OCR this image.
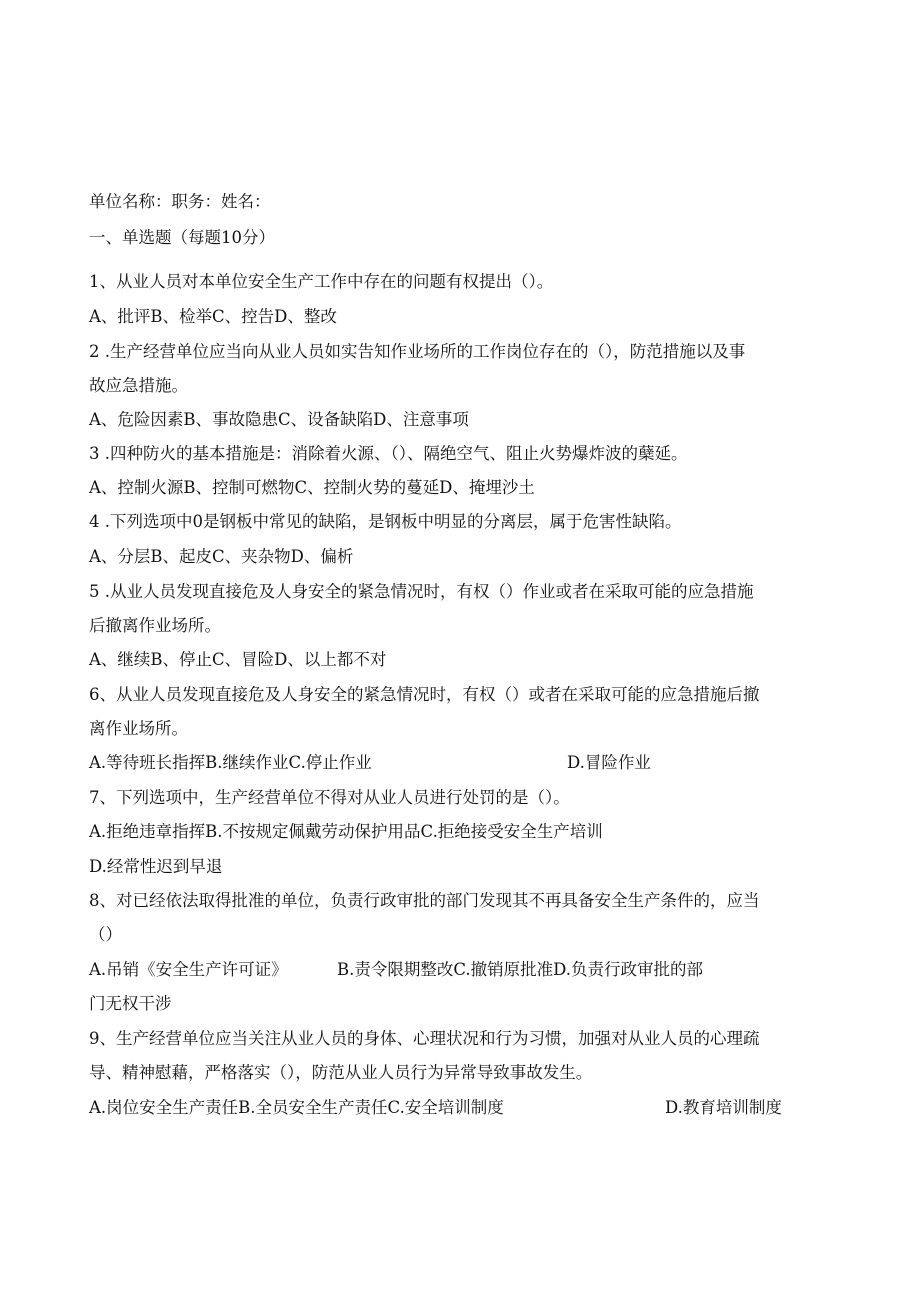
单位名称：职务：姓名：
一、单选题（每题10分）
1、从业人员对本单位安全生产工作中存在的问题有权提出（）。
A、批评B、检举C、控告D、整改
2 .生产经营单位应当向从业人员如实告知作业场所的工作岗位存在的（），防范措施以及事
故应急措施。
A、危险因素B、事故隐患C、设备缺陷D、注意事项
3 .四种防火的基本措施是：消除着火源、（）、隔绝空气、阻止火势爆炸波的蘖延。
A、控制火源B、控制可燃物C、控制火势的蔓延D、掩埋沙土
4 .下列选项中0是钢板中常见的缺陷，是钢板中明显的分离层，属于危害性缺陷。
A、分层B、起皮C、夹杂物D、偏析
5 .从业人员发现直接危及人身安全的紧急情况时，有权（）作业或者在采取可能的应急措施
后撤离作业场所。
A、继续B、停止C、冒险D、以上都不对
6、从业人员发现直接危及人身安全的紧急情况时，有权（）或者在采取可能的应急措施后撤
离作业场所。
A.等待班长指挥B.继续作业C.停止作业	D.冒险作业
7、下列选项中，生产经营单位不得对从业人员进行处罚的是（）。
A.拒绝违章指挥B.不按规定佩戴劳动保护用品C.拒绝接受安全生产培训
D.经常性迟到早退
8、对已经依法取得批准的单位，负责行政审批的部门发现其不再具备安全生产条件的，应当
（）
A.吊销《安全生产许可证》	B.责令限期整改C.撤销原批准D.负责行政审批的部
门无权干涉
9、生产经营单位应当关注从业人员的身体、心理状况和行为习惯，加强对从业人员的心理疏
导、精神慰藉，严格落实（），防范从业人员行为异常导致事故发生。
A.岗位安全生产责任B.全员安全生产责任C.安全培训制度	D.教育培训制度
